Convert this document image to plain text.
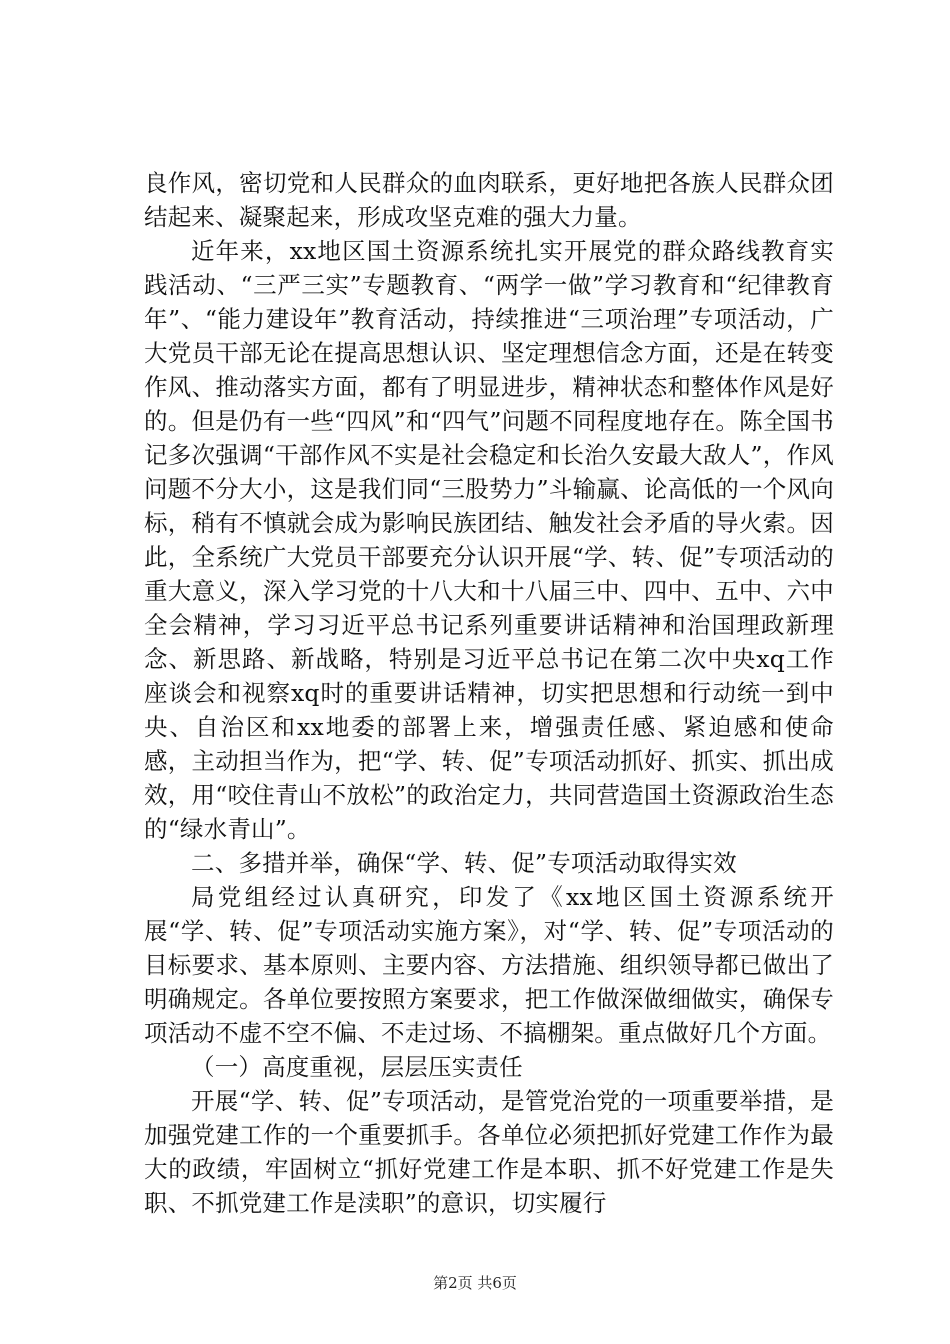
良作风，密切党和人民群众的血肉联系，更好地把各族人民群众团结起来、凝聚起来，形成攻坚克难的强大力量。

近年来，xx地区国土资源系统扎实开展党的群众路线教育实践活动、“三严三实”专题教育、“两学一做”学习教育和“纪律教育年”、“能力建设年”教育活动，持续推进“三项治理”专项活动，广大党员干部无论在提高思想认识、坚定理想信念方面，还是在转变作风、推动落实方面，都有了明显进步，精神状态和整体作风是好的。但是仍有一些“四风”和“四气”问题不同程度地存在。陈全国书记多次强调“干部作风不实是社会稳定和长治久安最大敌人”，作风问题不分大小，这是我们同“三股势力”斗输赢、论高低的一个风向标，稍有不慎就会成为影响民族团结、触发社会矛盾的导火索。因此，全系统广大党员干部要充分认识开展“学、转、促”专项活动的重大意义，深入学习党的十八大和十八届三中、四中、五中、六中全会精神，学习习近平总书记系列重要讲话精神和治国理政新理念、新思路、新战略，特别是习近平总书记在第二次中央xq工作座谈会和视察xq时的重要讲话精神，切实把思想和行动统一到中央、自治区和xx地委的部署上来，增强责任感、紧迫感和使命感，主动担当作为，把“学、转、促”专项活动抓好、抓实、抓出成效，用“咬住青山不放松”的政治定力，共同营造国土资源政治生态的“绿水青山”。

二、多措并举，确保“学、转、促”专项活动取得实效

局党组经过认真研究，印发了《xx地区国土资源系统开展“学、转、促”专项活动实施方案》，对“学、转、促”专项活动的目标要求、基本原则、主要内容、方法措施、组织领导都已做出了明确规定。各单位要按照方案要求，把工作做深做细做实，确保专项活动不虚不空不偏、不走过场、不搞棚架。重点做好几个方面。

（一）高度重视，层层压实责任

开展“学、转、促”专项活动，是管党治党的一项重要举措，是加强党建工作的一个重要抓手。各单位必须把抓好党建工作作为最大的政绩，牢固树立“抓好党建工作是本职、抓不好党建工作是失职、不抓党建工作是渎职”的意识，切实履行

第2页 共6页
